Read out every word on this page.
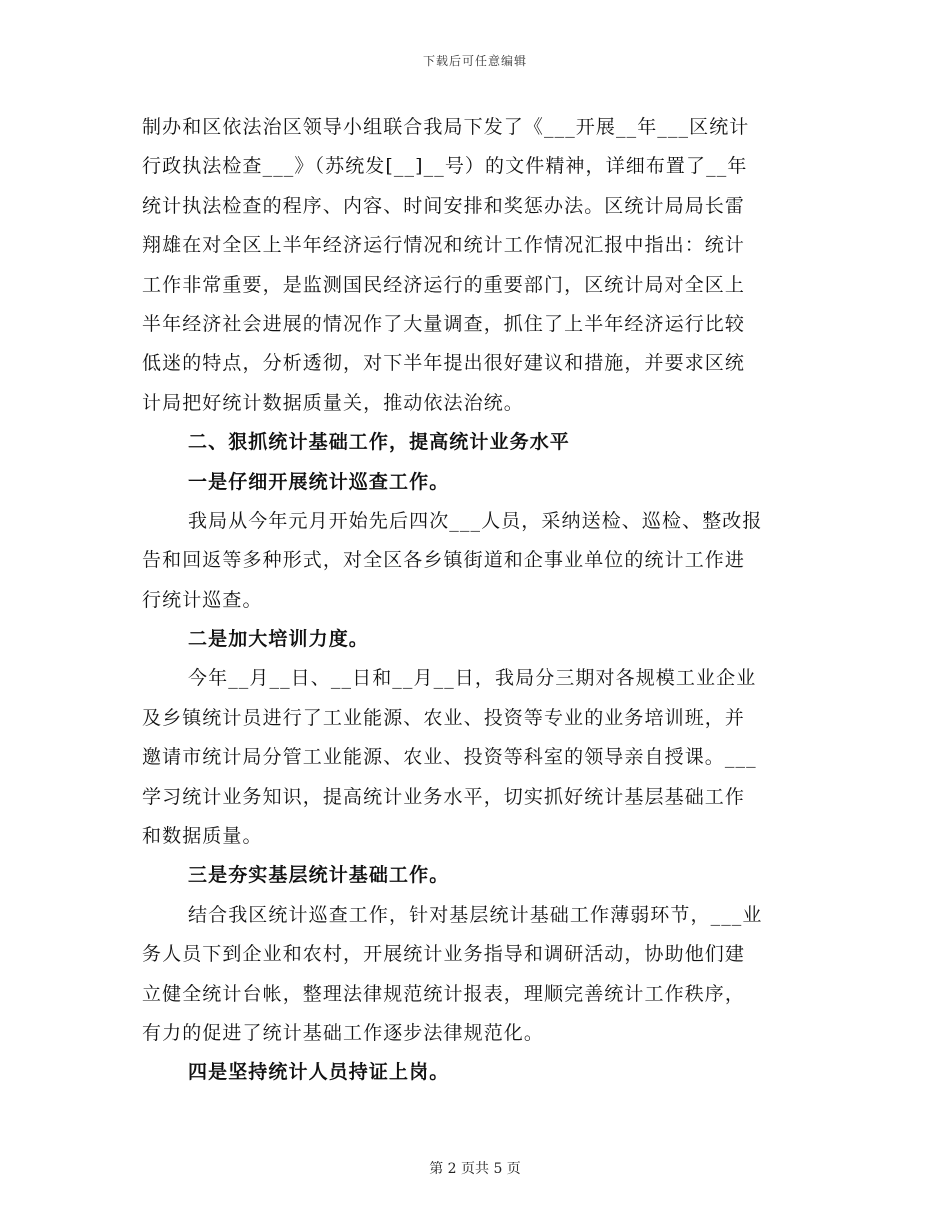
下载后可任意编辑
制办和区依法治区领导小组联合我局下发了《___开展__年___区统计
行政执法检查___》（苏统发[__]__号）的文件精神，详细布置了__年
统计执法检查的程序、内容、时间安排和奖惩办法。区统计局局长雷
翔雄在对全区上半年经济运行情况和统计工作情况汇报中指出：统计
工作非常重要，是监测国民经济运行的重要部门，区统计局对全区上
半年经济社会进展的情况作了大量调查，抓住了上半年经济运行比较
低迷的特点，分析透彻，对下半年提出很好建议和措施，并要求区统
计局把好统计数据质量关，推动依法治统。
二、狠抓统计基础工作，提高统计业务水平
一是仔细开展统计巡查工作。
我局从今年元月开始先后四次___人员，采纳送检、巡检、整改报
告和回返等多种形式，对全区各乡镇街道和企事业单位的统计工作进
行统计巡查。
二是加大培训力度。
今年__月__日、__日和__月__日，我局分三期对各规模工业企业
及乡镇统计员进行了工业能源、农业、投资等专业的业务培训班，并
邀请市统计局分管工业能源、农业、投资等科室的领导亲自授课。___
学习统计业务知识，提高统计业务水平，切实抓好统计基层基础工作
和数据质量。
三是夯实基层统计基础工作。
结合我区统计巡查工作，针对基层统计基础工作薄弱环节，___业
务人员下到企业和农村，开展统计业务指导和调研活动，协助他们建
立健全统计台帐，整理法律规范统计报表，理顺完善统计工作秩序，
有力的促进了统计基础工作逐步法律规范化。
四是坚持统计人员持证上岗。
第 2 页共 5 页
